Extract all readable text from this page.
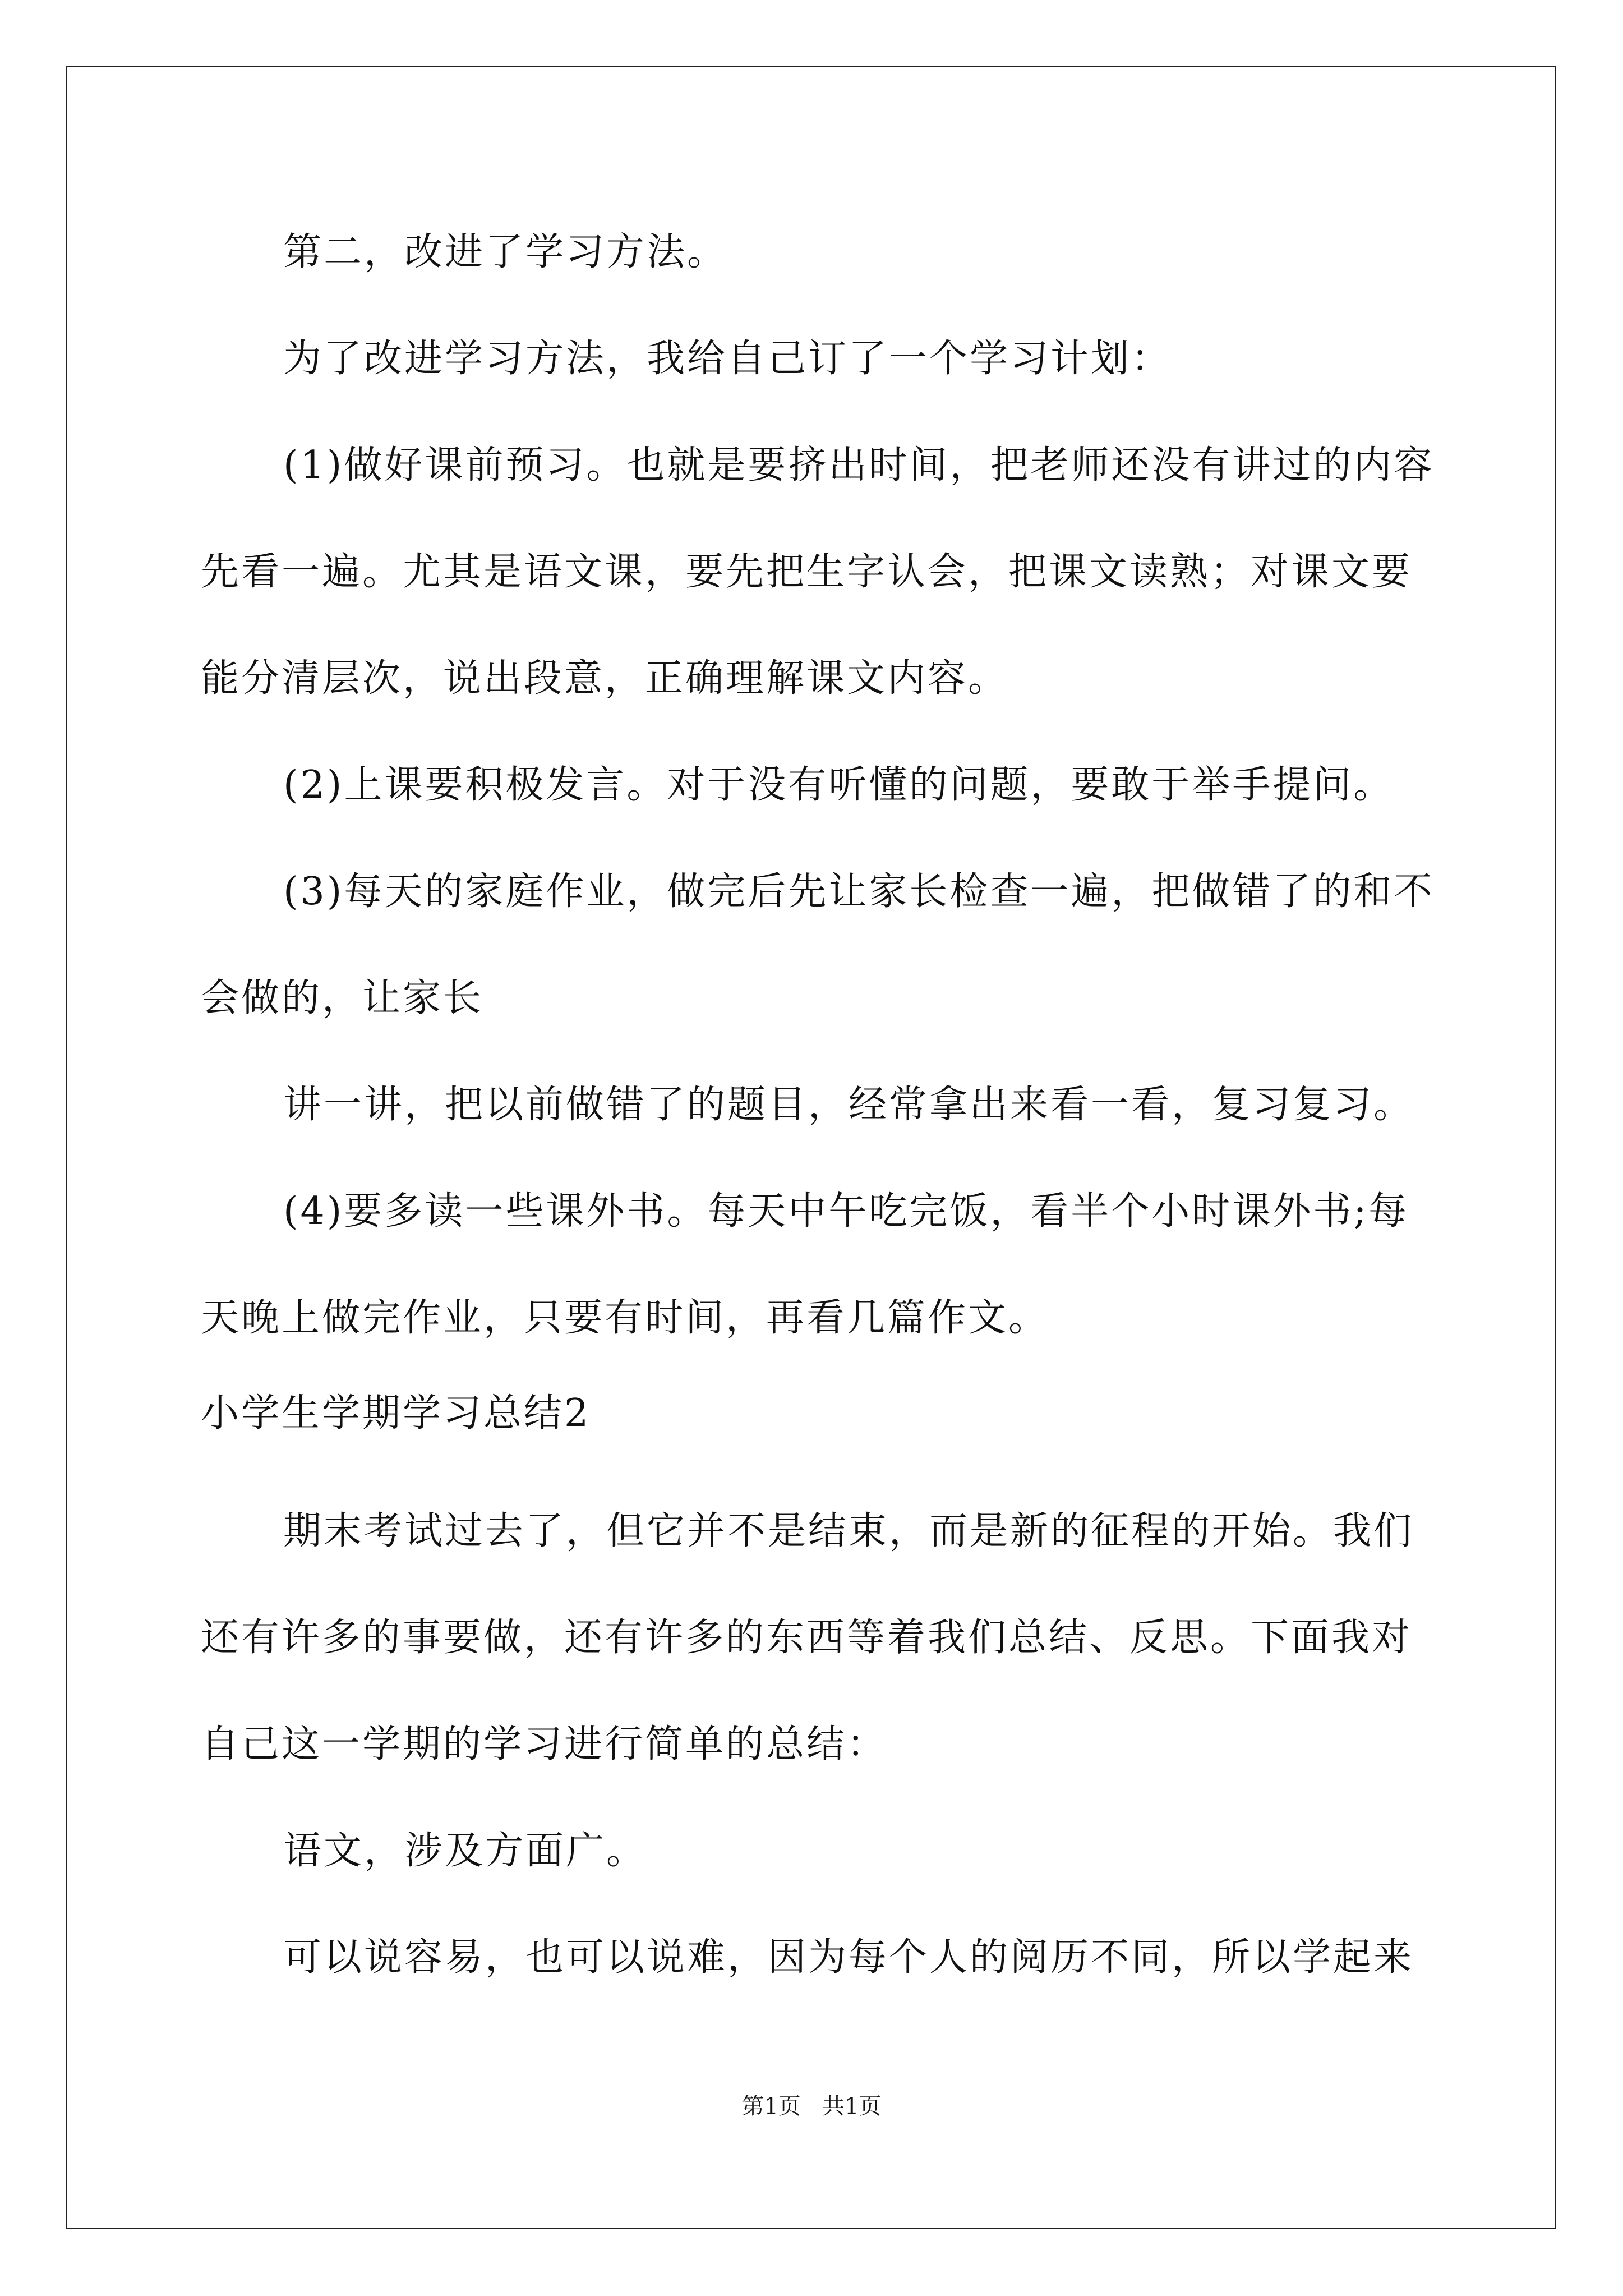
第二，改进了学习方法。
为了改进学习方法，我给自己订了一个学习计划：
(1)做好课前预习。也就是要挤出时间，把老师还没有讲过的内容
先看一遍。尤其是语文课，要先把生字认会，把课文读熟；对课文要
能分清层次，说出段意，正确理解课文内容。
(2)上课要积极发言。对于没有听懂的问题，要敢于举手提问。
(3)每天的家庭作业，做完后先让家长检查一遍，把做错了的和不
会做的，让家长
讲一讲，把以前做错了的题目，经常拿出来看一看，复习复习。
(4)要多读一些课外书。每天中午吃完饭，看半个小时课外书;每
天晚上做完作业，只要有时间，再看几篇作文。
小学生学期学习总结2
期末考试过去了，但它并不是结束，而是新的征程的开始。我们
还有许多的事要做，还有许多的东西等着我们总结、反思。下面我对
自己这一学期的学习进行简单的总结：
语文，涉及方面广。
可以说容易，也可以说难，因为每个人的阅历不同，所以学起来
第1页   共1页
